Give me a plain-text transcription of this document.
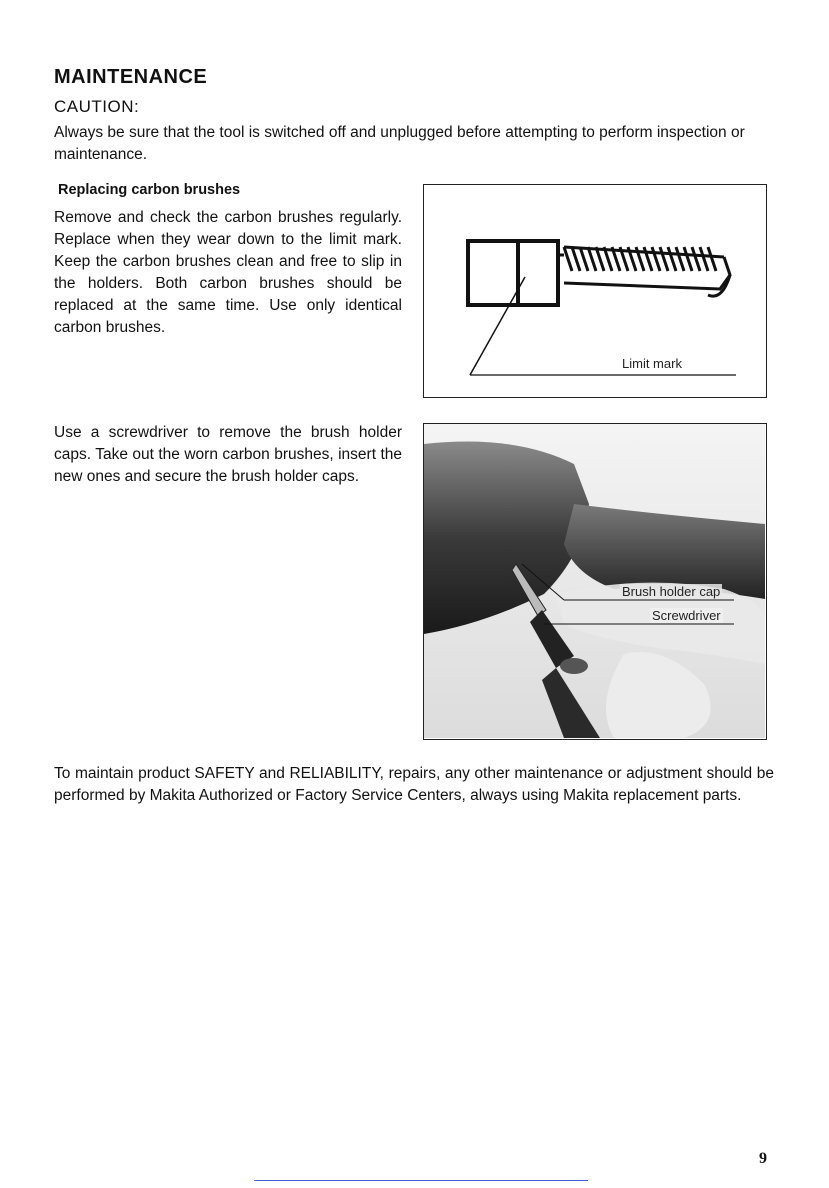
MAINTENANCE
CAUTION:
Always be sure that the tool is switched off and unplugged before attempting to perform inspection or maintenance.
Replacing carbon brushes
Remove and check the carbon brushes regularly. Replace when they wear down to the limit mark. Keep the carbon brushes clean and free to slip in the holders. Both carbon brushes should be replaced at the same time. Use only identical carbon brushes.
Limit mark
Use a screwdriver to remove the brush holder caps. Take out the worn carbon brushes, insert the new ones and secure the brush holder caps.
Brush holder cap
Screwdriver
To maintain product SAFETY and RELIABILITY, repairs, any other maintenance or adjustment should be performed by Makita Authorized or Factory Service Centers, always using Makita replacement parts.
9
